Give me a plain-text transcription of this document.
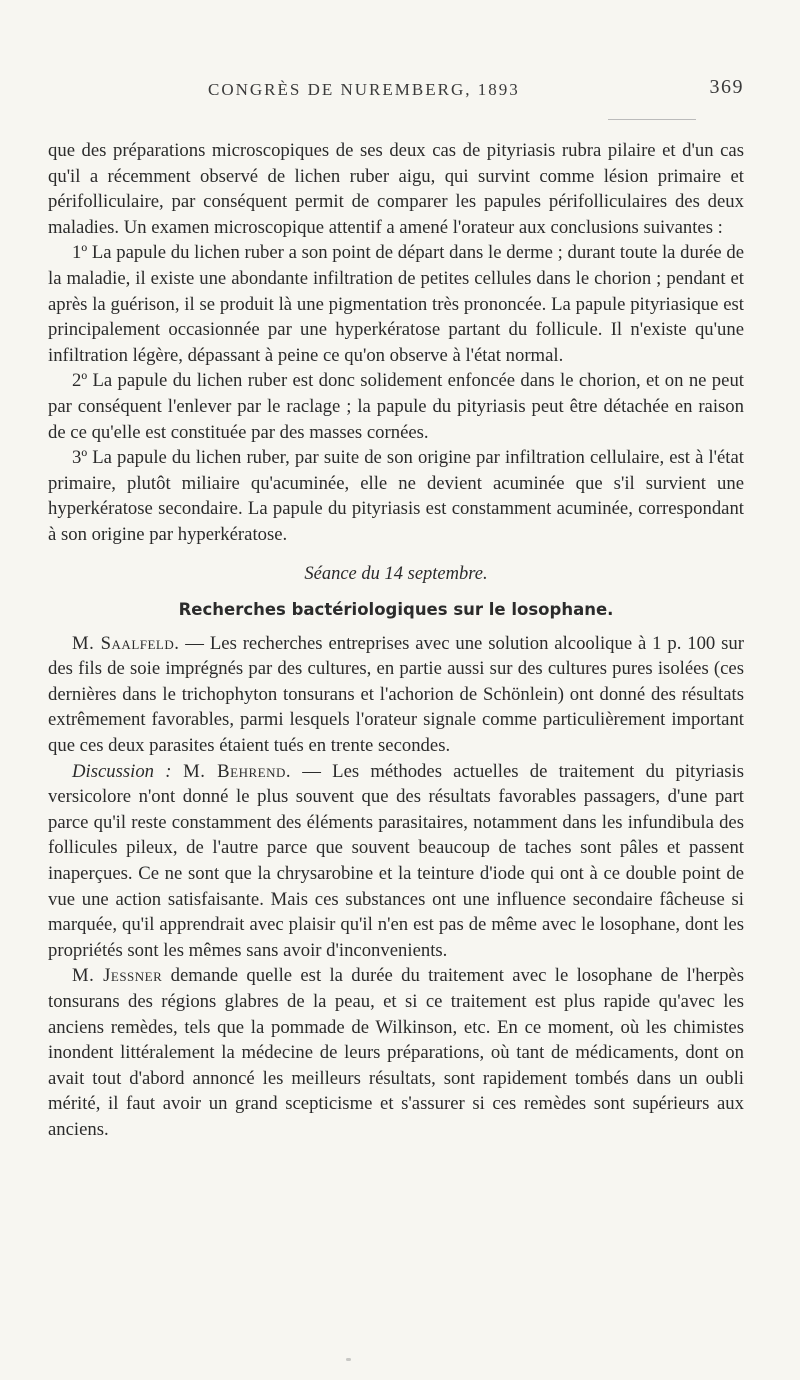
CONGRÈS DE NUREMBERG, 1893	369

que des préparations microscopiques de ses deux cas de pityriasis rubra pilaire et d'un cas qu'il a récemment observé de lichen ruber aigu, qui survint comme lésion primaire et périfolliculaire, par conséquent permit de comparer les papules périfolliculaires des deux maladies. Un examen microscopique attentif a amené l'orateur aux conclusions suivantes :

1º La papule du lichen ruber a son point de départ dans le derme ; durant toute la durée de la maladie, il existe une abondante infiltration de petites cellules dans le chorion ; pendant et après la guérison, il se produit là une pigmentation très prononcée. La papule pityriasique est principalement occasionnée par une hyperkératose partant du follicule. Il n'existe qu'une infiltration légère, dépassant à peine ce qu'on observe à l'état normal.

2º La papule du lichen ruber est donc solidement enfoncée dans le chorion, et on ne peut par conséquent l'enlever par le raclage ; la papule du pityriasis peut être détachée en raison de ce qu'elle est constituée par des masses cornées.

3º La papule du lichen ruber, par suite de son origine par infiltration cellulaire, est à l'état primaire, plutôt miliaire qu'acuminée, elle ne devient acuminée que s'il survient une hyperkératose secondaire. La papule du pityriasis est constamment acuminée, correspondant à son origine par hyperkératose.

Séance du 14 septembre.
Recherches bactériologiques sur le losophane.

M. Saalfeld. — Les recherches entreprises avec une solution alcoolique à 1 p. 100 sur des fils de soie imprégnés par des cultures, en partie aussi sur des cultures pures isolées (ces dernières dans le trichophyton tonsurans et l'achorion de Schönlein) ont donné des résultats extrêmement favorables, parmi lesquels l'orateur signale comme particulièrement important que ces deux parasites étaient tués en trente secondes.

Discussion : M. Behrend. — Les méthodes actuelles de traitement du pityriasis versicolore n'ont donné le plus souvent que des résultats favorables passagers, d'une part parce qu'il reste constamment des éléments parasitaires, notamment dans les infundibula des follicules pileux, de l'autre parce que souvent beaucoup de taches sont pâles et passent inaperçues. Ce ne sont que la chrysarobine et la teinture d'iode qui ont à ce double point de vue une action satisfaisante. Mais ces substances ont une influence secondaire fâcheuse si marquée, qu'il apprendrait avec plaisir qu'il n'en est pas de même avec le losophane, dont les propriétés sont les mêmes sans avoir d'inconvenients.

M. Jessner demande quelle est la durée du traitement avec le losophane de l'herpès tonsurans des régions glabres de la peau, et si ce traitement est plus rapide qu'avec les anciens remèdes, tels que la pommade de Wilkinson, etc. En ce moment, où les chimistes inondent littéralement la médecine de leurs préparations, où tant de médicaments, dont on avait tout d'abord annoncé les meilleurs résultats, sont rapidement tombés dans un oubli mérité, il faut avoir un grand scepticisme et s'assurer si ces remèdes sont supérieurs aux anciens.
